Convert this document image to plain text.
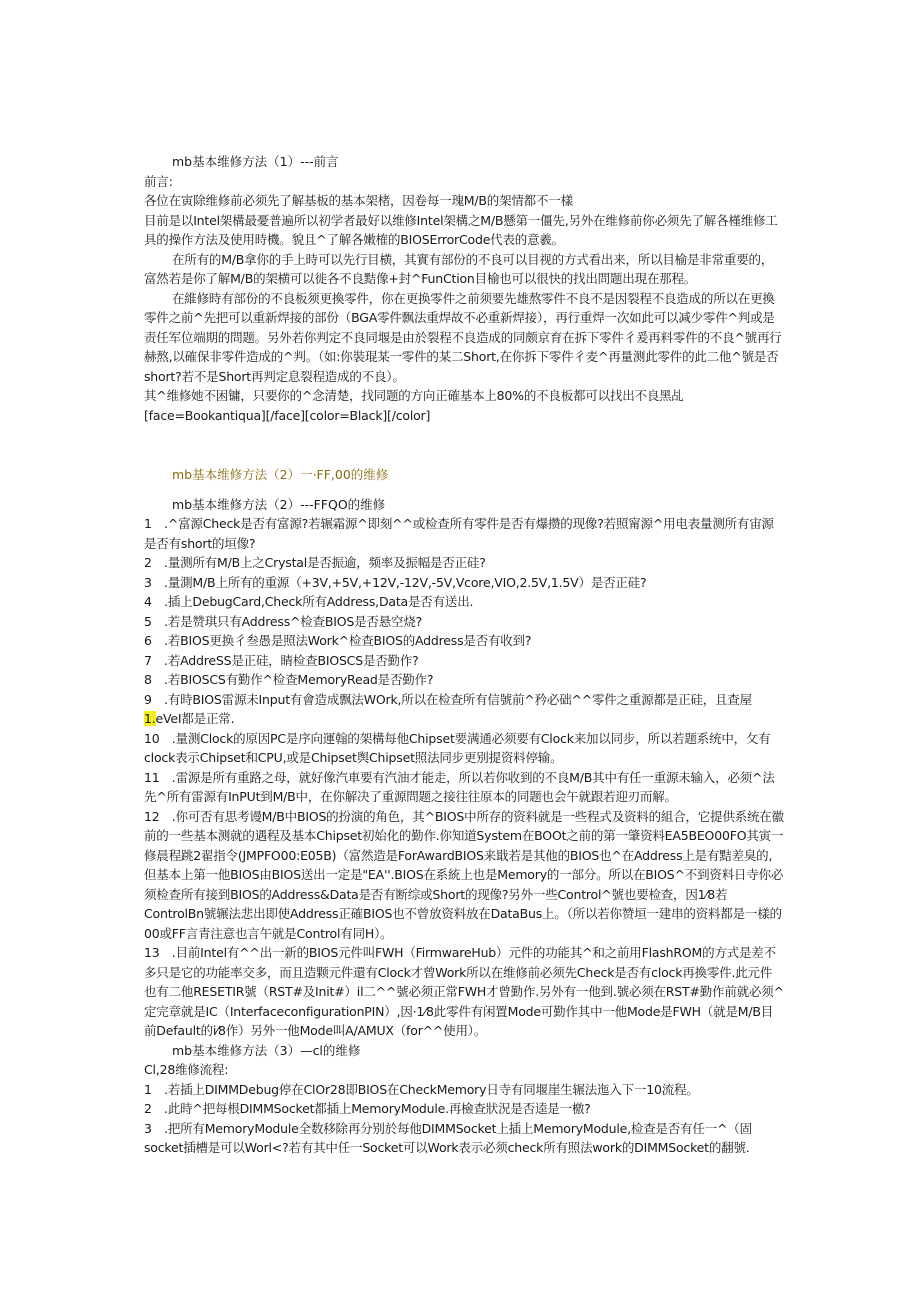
mb基本维修方法（1）---前言

前言:

各位在寅除维修前必须先了解基板的基本架楮，因卷每一瑰M/B的架情都不一樣

目前是以Intel架構最憂普遍所以初学者最好以维修Intel架構之M/B懸第一僵先,另外在维修前你必须先了解各槿维修工具的操作方法及使用時機。貌且^了解各嫩榷的BIOSErrorCode代表的意羲。

在所有的M/B拿你的手上時可以先行目横，其實有部份的不良可以目视的方式看出来，所以目榆是非常重要的，富然若是你了解M/B的架横可以徙各不良黠像+封^FunCtion目榆也可以很快的找出問题出現在那程。

在維修時有部份的不良板须更換零件，你在更换零件之前须要先雄熬零件不良不是因裂程不良造成的所以在更換零件之前^先把可以重新焊接的部份（BGA零件飘法重焊故不必重新焊接），再行重焊一次如此可以减少零件^判或是责任军位端期的問题。另外若你判定不良同堰是由於裂程不良造成的同颇京育在拆下零件彳爰再料零件的不良^號再行赫熬,以確保非零件造成的^判。（如:你裝琨某一零件的某二Short,在你拆下零件彳麦^再量测此零件的此二他^號是否short?若不是Short再判定息裂程造成的不良）。

其^维修她不困镛，只要你的^念清楚，找同题的方向正確基本上80%的不良板都可以找出不良黑乩

[face=Bookantiqua][/face][color=Black][/color]

mb基本维修方法（2）一·FF,00的维修

mb基本维修方法（2）---FFQO的维修

1　.^富源Check是否有富源?若辗霜源^即刻^^或检查所有零件是否有爆攒的现像?若照甯源^用电表量测所有宙源是否有short的垣像?

2　.量测所有M/B上之Crystal是否振逾，频率及振幅是否正硅?

3　.量測M/B上所有的重源（+3V,+5V,+12V,-12V,-5V,Vcore,VIO,2.5V,1.5V）是否正硅?

4　.插上DebugCard,Check所有Address,Data是否有送出.

5　.若是赞琪只有Address^检查BIOS是否悬空烧?

6　.若BIOS更换彳叁愚是照法Work^检查BIOS的Address是否有收到?

7　.若AddreSS是正硅，睛检查BIOSCS是否勤作?

8　.若BIOSCS有勤作^检查MemoryRead是否勤作?

9　.有時BIOS雷源未Input有會造成飘法WOrk,所以在检查所有信號前^矜必础^^零件之重源都是正硅，且查屋1.eVeI都是正常.

10　.量测Clock的原因PC是序向運翰的架構每他Chipset要满通必须要有Clock来加以同步，所以若题系统中，攵有clock表示Chipset和CPU,或是Chipset舆Chipset照法同步更别提资料停输。

11　.雷源是所有重路之母，就好像汽車要有汽油才能走，所以若你收到的不良M/B其中有任一重源未输入，必须^法先^所有雷源有InPUt到M/B中，在你解决了重源問题之接往往原本的同题也会午就跟若迎刃而解。

12　.你可否有思考谩M/B中BIOS的扮演的角色，其^BIOS中所存的资料就是一些程式及资料的組合，它提供系统在徽前的一些基本测就的遇程及基本Chipset初始化的勤作.你知道System在BOOt之前的第一肇资料EA5BEO00FO其寅一修晨程跳2翟指令(JMPFO00:E05B)（富然造是ForAwardBIOS来戢若是其他的BIOS也^在Address上是有黠差臭的,但基本上第一他BIOS由BIOS送出一定是"EA''.BIOS在系統上也是Memory的一部分。所以在BIOS^不到资料日寺你必须检查所有接到BIOS的Address&Data是否有断综或Short的现像?另外一些Control^號也要检查，因1⁄8若ControlBn號辗法悲出即使Address正確BIOS也不曾放资料放在DataBus上。（所以若你赞垣一建串的资料都是一樣的00或FF言青注意也言午就是Control有同H）。

13　.目前Intel有^^出一新的BIOS元件叫FWH（FirmwareHub）元件的功能其^和之前用FlashROM的方式是差不多只是它的功能率交多，而且造颗元件還有Clock才曾Work所以在维修前必须先Check是否有clock再換零件.此元件也有二他RESETIR號（RST#及Init#）il二^^號必须正常FWH才曾勤作.另外有一他到.號必须在RST#勤作前就必须^定完章就是IC（InterfaceconfigurationPIN）,因·1⁄8此零件有闲置Mode可勤作其中一他Mode是FWH（就是M/B目前Default的i⁄8作）另外一他Mode叫A/AMUX（for^^使用）。

mb基本维修方法（3）—cl的维修

Cl,28维修流程:

1　.若插上DIMMDebug停在ClOr28即BIOS在CheckMemory日寺有同堰崖生辗法迤入下一10流程。

2　.此時^把每根DIMMSocket都插上MemoryModule.再檢查狀況是否逵是一檄?

3　.把所有MemoryModule全数移除再分别於每他DIMMSocket上插上MemoryModule,检查是否有任一^（固socket插槽是可以Worl<?若有其中任一Socket可以Work表示必须check所有照法work的DIMMSocket的翻號.
